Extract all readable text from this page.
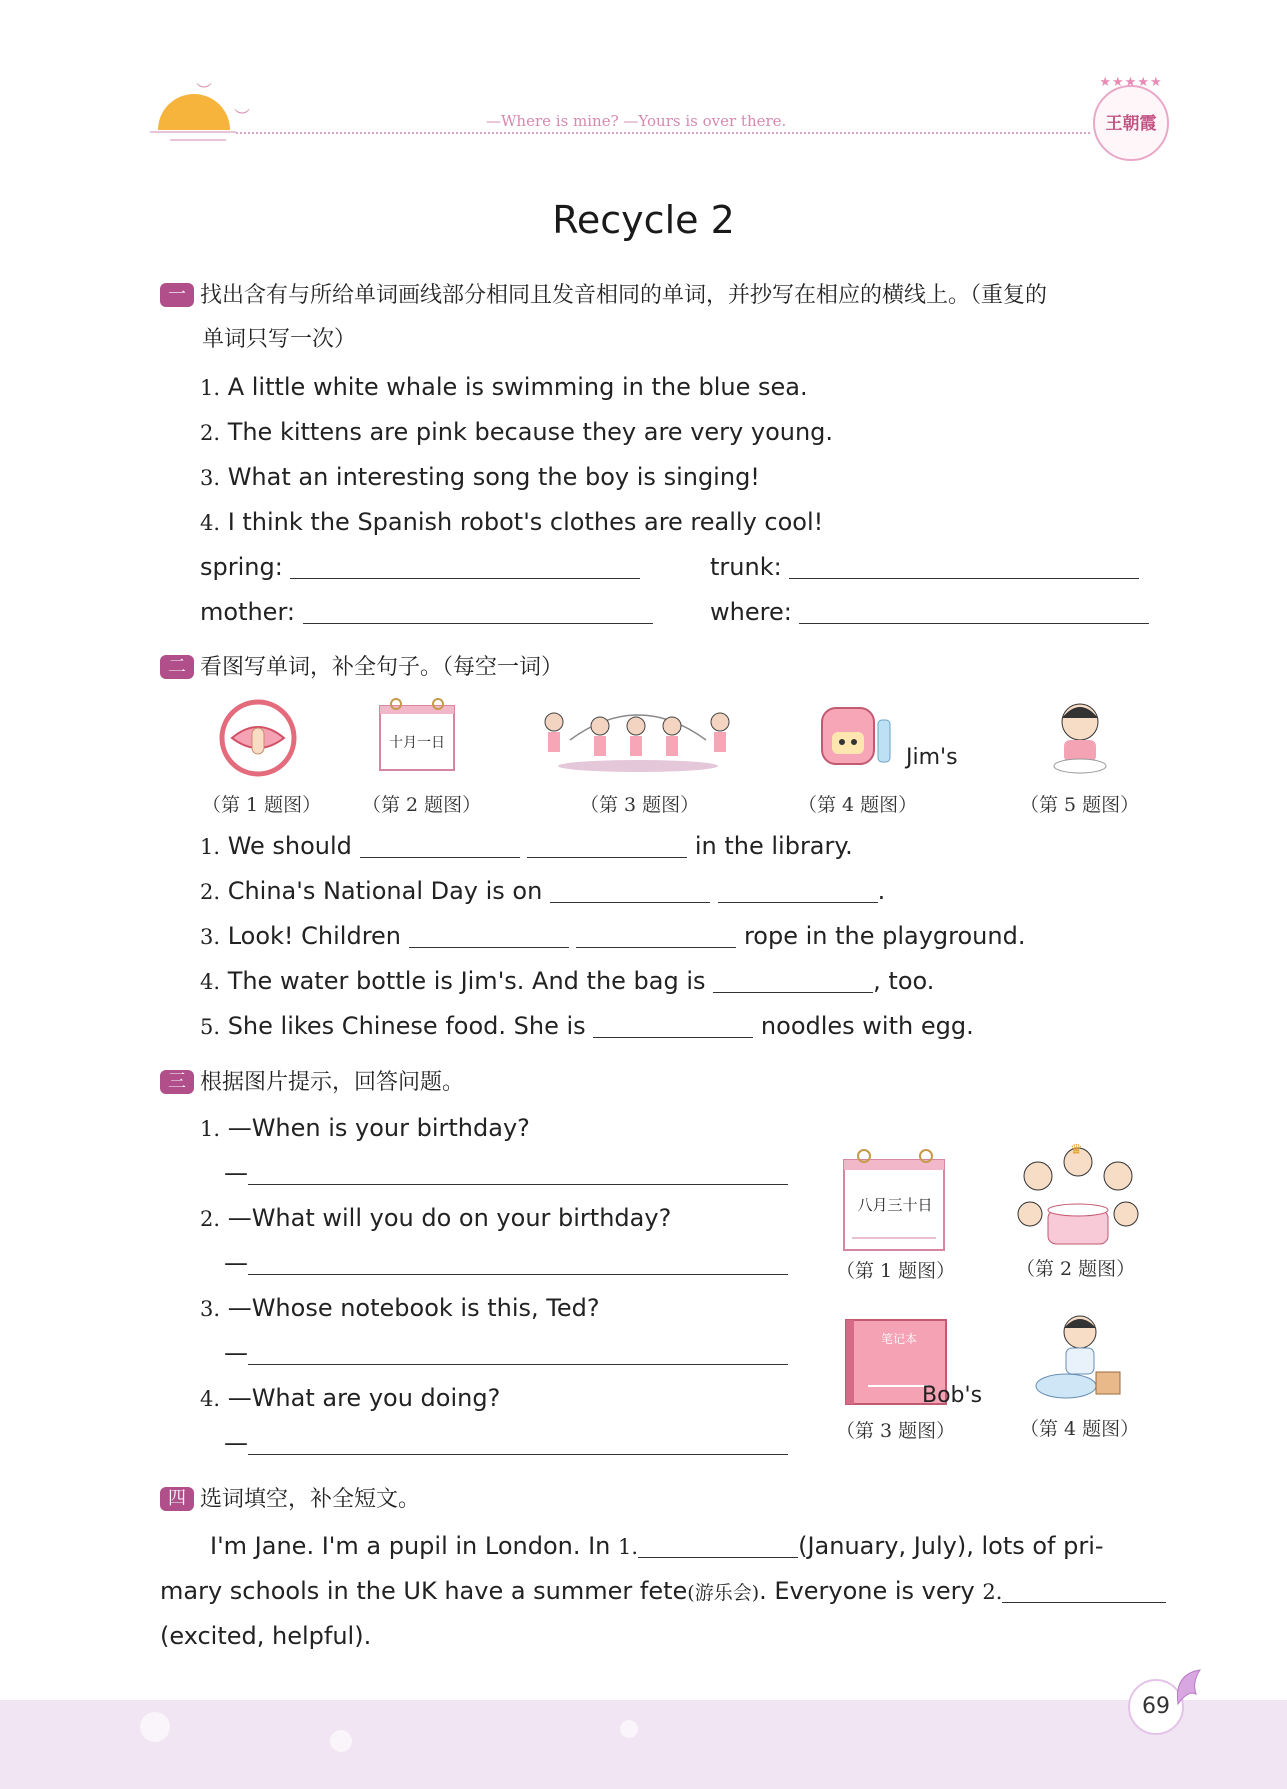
︶
︶	—Where is mine? —Yours is over there.
★★★★★
王朝霞
Recycle 2
一 找出含有与所给单词画线部分相同且发音相同的单词，并抄写在相应的横线上。（重复的
单词只写一次）
1. A little white whale is swimming in the blue sea.
2. The kittens are pink because they are very young.
3. What an interesting song the boy is singing!
4. I think the Spanish robot's clothes are really cool!
spring:	trunk:
mother:	where:
二 看图写单词，补全句子。（每空一词）
十月一日
Jim's
（第 1 题图） （第 2 题图）	（第 3 题图）	（第 4 题图）	（第 5 题图）
1. We should	in the library.
2. China's National Day is on	.
3. Look! Children	rope in the playground.
4. The water bottle is Jim's. And the bag is	, too.
5. She likes Chinese food. She is	noodles with egg.
三 根据图片提示，回答问题。
1. —When is your birthday?
—
2. —What will you do on your birthday?
—
3. —Whose notebook is this, Ted?
—
4. —What are you doing?
—
八月三十日
♛
（第 1 题图）	（第 2 题图）
笔记本
Bob's
（第 3 题图）	（第 4 题图）
四 选词填空，补全短文。
I'm Jane. I'm a pupil in London. In 1.	(January, July), lots of pri-
mary schools in the UK have a summer fete(游乐会). Everyone is very 2.
(excited, helpful).
69
